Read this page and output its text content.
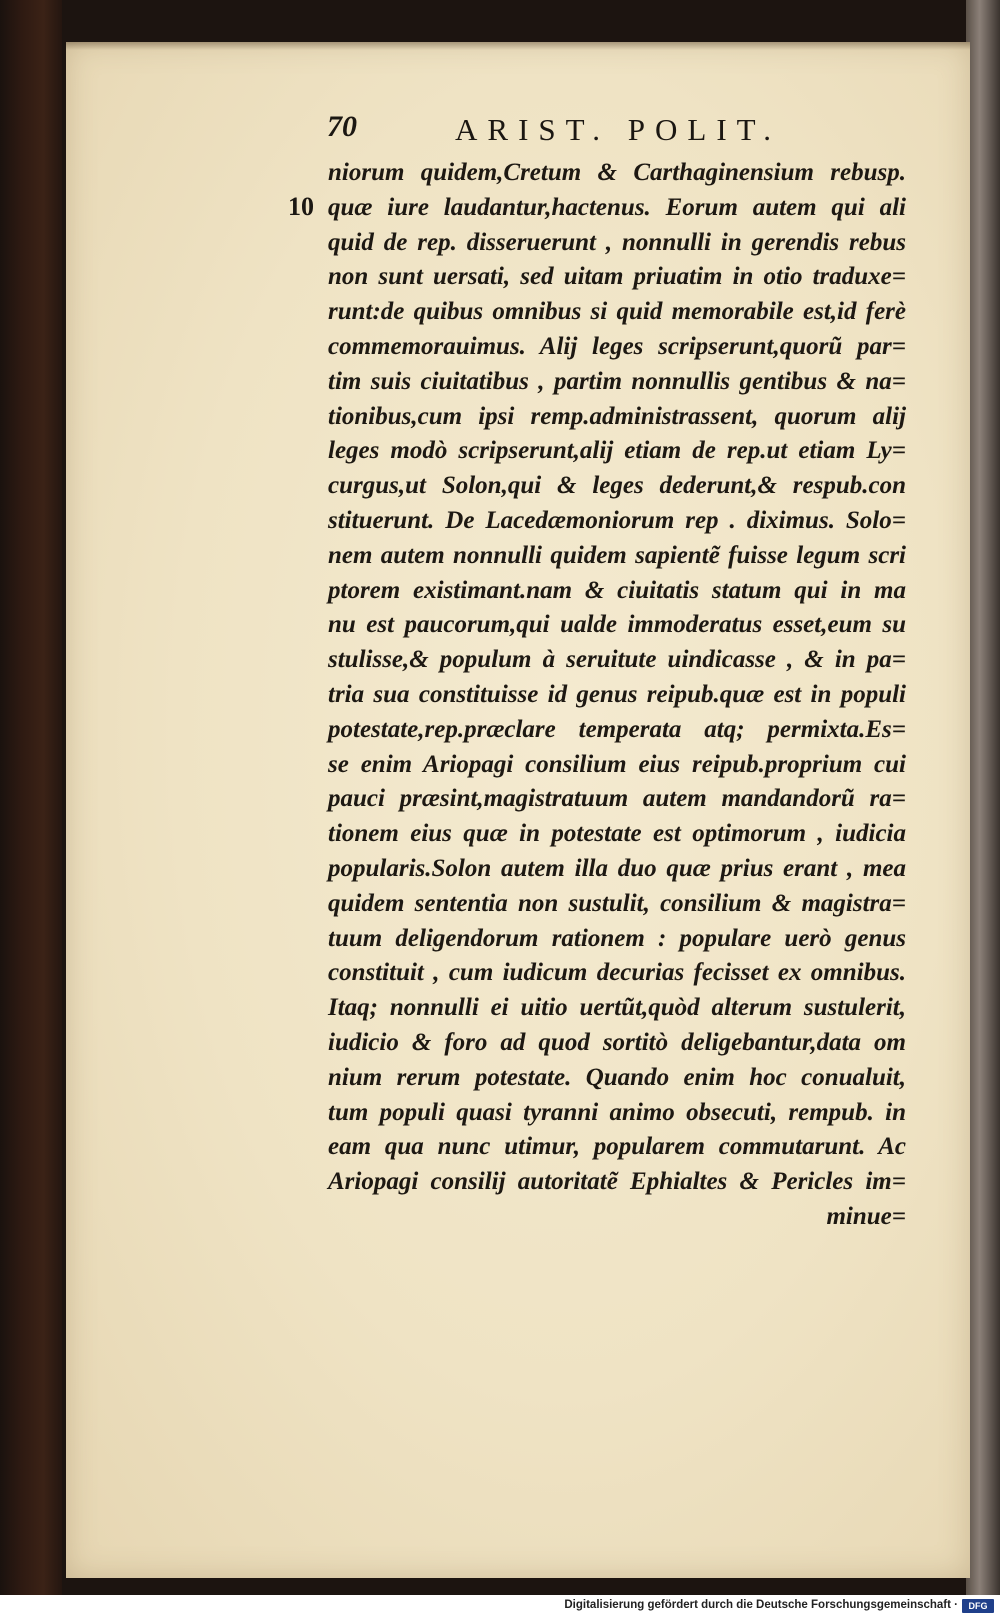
70	ARIST. POLIT.
10
niorum quidem,Cretum & Carthaginensium rebusp.
quæ iure laudantur,hactenus. Eorum autem qui ali
quid de rep. disseruerunt , nonnulli in gerendis rebus
non sunt uersati, sed uitam priuatim in otio traduxe=
runt:de quibus omnibus si quid memorabile est,id ferè
commemorauimus. Alij leges scripserunt,quorũ par=
tim suis ciuitatibus , partim nonnullis gentibus & na=
tionibus,cum ipsi remp.administrassent, quorum alij
leges modò scripserunt,alij etiam de rep.ut etiam Ly=
curgus,ut Solon,qui & leges dederunt,& respub.con
stituerunt. De Lacedæmoniorum rep . diximus. Solo=
nem autem nonnulli quidem sapientẽ fuisse legum scri
ptorem existimant.nam & ciuitatis statum qui in ma
nu est paucorum,qui ualde immoderatus esset,eum su
stulisse,& populum à seruitute uindicasse , & in pa=
tria sua constituisse id genus reipub.quæ est in populi
potestate,rep.præclare temperata atq; permixta.Es=
se enim Ariopagi consilium eius reipub.proprium cui
pauci præsint,magistratuum autem mandandorũ ra=
tionem eius quæ in potestate est optimorum , iudicia
popularis.Solon autem illa duo quæ prius erant , mea
quidem sententia non sustulit, consilium & magistra=
tuum deligendorum rationem : populare uerò genus
constituit , cum iudicum decurias fecisset ex omnibus.
Itaq; nonnulli ei uitio uertũt,quòd alterum sustulerit,
iudicio & foro ad quod sortitò deligebantur,data om
nium rerum potestate. Quando enim hoc conualuit,
tum populi quasi tyranni animo obsecuti, rempub. in
eam qua nunc utimur, popularem commutarunt. Ac
Ariopagi consilij autoritatẽ Ephialtes & Pericles im=
minue=
Digitalisierung gefördert durch die Deutsche Forschungsgemeinschaft ·	DFG
